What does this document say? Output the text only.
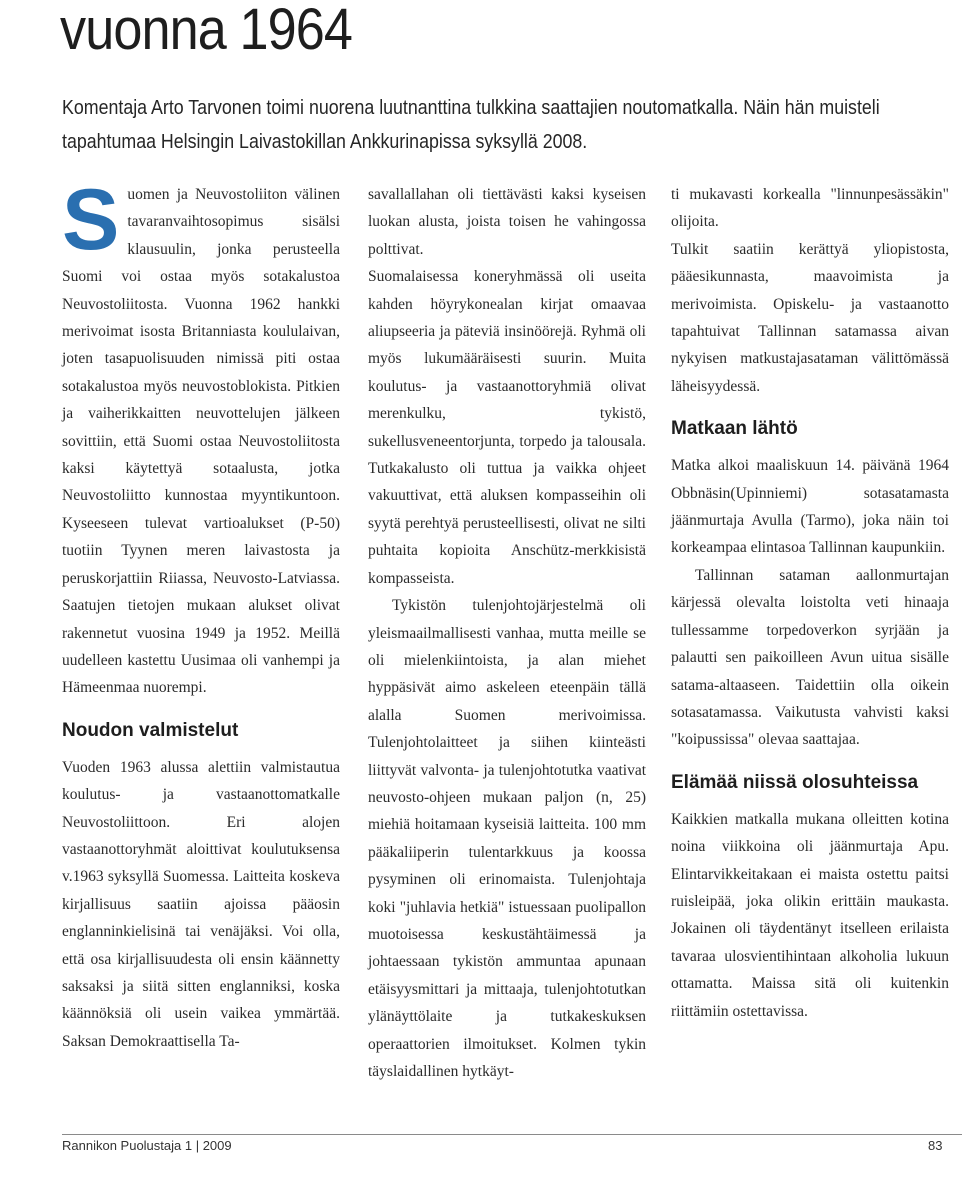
vuonna 1964

Komentaja Arto Tarvonen toimi nuorena luutnanttina tulkkina saattajien noutomatkalla. Näin hän muisteli tapahtumaa Helsingin Laivastokillan Ankkurinapissa syksyllä 2008.

Suomen ja Neuvostoliiton välinen tavaranvaihtosopimus sisälsi klausuulin, jonka perusteella Suomi voi ostaa myös sotakalustoa Neuvostoliitosta. Vuonna 1962 hankki merivoimat isosta Britanniasta koululaivan, joten tasapuolisuuden nimissä piti ostaa sotakalustoa myös neuvostoblokista. Pitkien ja vaiherikkaitten neuvottelujen jälkeen sovittiin, että Suomi ostaa Neuvostoliitosta kaksi käytettyä sotaalusta, jotka Neuvostoliitto kunnostaa myyntikuntoon. Kyseeseen tulevat vartioalukset (P-50) tuotiin Tyynen meren laivastosta ja peruskorjattiin Riiassa, Neuvosto-Latviassa. Saatujen tietojen mukaan alukset olivat rakennetut vuosina 1949 ja 1952. Meillä uudelleen kastettu Uusimaa oli vanhempi ja Hämeenmaa nuorempi.

Noudon valmistelut

Vuoden 1963 alussa alettiin valmistautua koulutus- ja vastaanottomatkalle Neuvostoliittoon. Eri alojen vastaanottoryhmät aloittivat koulutuksensa v.1963 syksyllä Suomessa. Laitteita koskeva kirjallisuus saatiin ajoissa pääosin englanninkielisinä tai venäjäksi. Voi olla, että osa kirjallisuudesta oli ensin käännetty saksaksi ja siitä sitten englanniksi, koska käännöksiä oli usein vaikea ymmärtää. Saksan Demokraattisella Ta-

savallallahan oli tiettävästi kaksi kyseisen luokan alusta, joista toisen he vahingossa polttivat.

Suomalaisessa koneryhmässä oli useita kahden höyrykonealan kirjat omaavaa aliupseeria ja päteviä insinöörejä. Ryhmä oli myös lukumääräisesti suurin. Muita koulutus- ja vastaanottoryhmiä olivat merenkulku, tykistö, sukellusveneentorjunta, torpedo ja talousala. Tutkakalusto oli tuttua ja vaikka ohjeet vakuuttivat, että aluksen kompasseihin oli syytä perehtyä perusteellisesti, olivat ne silti puhtaita kopioita Anschütz-merkkisistä kompasseista.

Tykistön tulenjohtojärjestelmä oli yleismaailmallisesti vanhaa, mutta meille se oli mielenkiintoista, ja alan miehet hyppäsivät aimo askeleen eteenpäin tällä alalla Suomen merivoimissa. Tulenjohtolaitteet ja siihen kiinteästi liittyvät valvonta- ja tulenjohtotutka vaativat neuvosto-ohjeen mukaan paljon (n, 25) miehiä hoitamaan kyseisiä laitteita. 100 mm pääkaliiperin tulentarkkuus ja koossa pysyminen oli erinomaista. Tulenjohtaja koki "juhlavia hetkiä" istuessaan puolipallon muotoisessa keskustähtäimessä ja johtaessaan tykistön ammuntaa apunaan etäisyysmittari ja mittaaja, tulenjohtotutkan ylänäyttölaite ja tutkakeskuksen operaattorien ilmoitukset. Kolmen tykin täyslaidallinen hytkäyt-

ti mukavasti korkealla "linnunpesässäkin" olijoita.

Tulkit saatiin kerättyä yliopistosta, pääesikunnasta, maavoimista ja merivoimista. Opiskelu- ja vastaanotto tapahtuivat Tallinnan satamassa aivan nykyisen matkustajasataman välittömässä läheisyydessä.

Matkaan lähtö

Matka alkoi maaliskuun 14. päivänä 1964 Obbnäsin(Upinniemi) sotasatamasta jäänmurtaja Avulla (Tarmo), joka näin toi korkeampaa elintasoa Tallinnan kaupunkiin.

Tallinnan sataman aallonmurtajan kärjessä olevalta loistolta veti hinaaja tullessamme torpedoverkon syrjään ja palautti sen paikoilleen Avun uitua sisälle satama-altaaseen. Taidettiin olla oikein sotasatamassa. Vaikutusta vahvisti kaksi "koipussissa" olevaa saattajaa.

Elämää niissä olosuhteissa

Kaikkien matkalla mukana olleitten kotina noina viikkoina oli jäänmurtaja Apu. Elintarvikkeitakaan ei maista ostettu paitsi ruisleipää, joka olikin erittäin maukasta. Jokainen oli täydentänyt itselleen erilaista tavaraa ulosvientihintaan alkoholia lukuun ottamatta. Maissa sitä oli kuitenkin riittämiin ostettavissa.

Rannikon Puolustaja 1 | 2009	83
